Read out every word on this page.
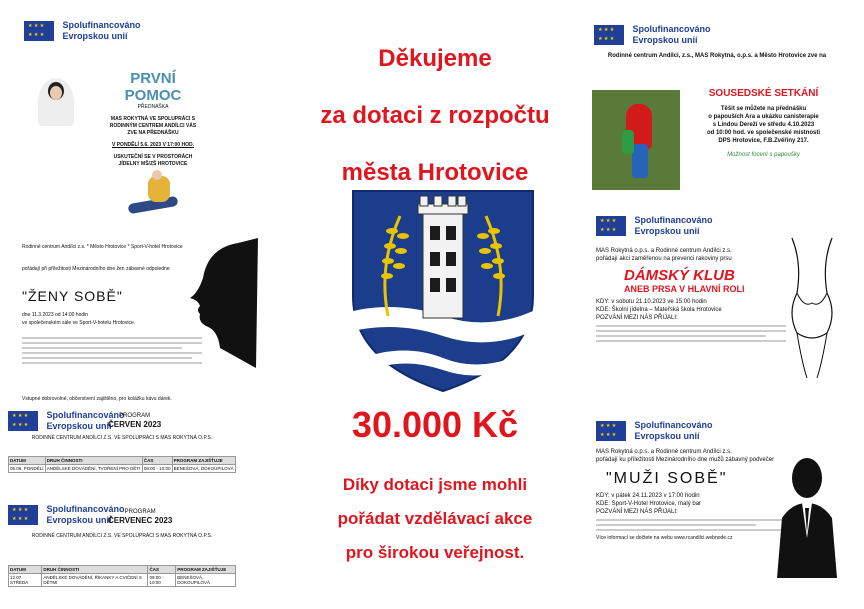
Děkujeme
za dotaci z rozpočtu
města Hrotovice
30.000 Kč
Díky dotaci jsme mohli
pořádat vzdělávací akce
pro širokou veřejnost.
★ ★ ★ ★ ★ ★ Spolufinancováno
Evropskou unií
PRVNÍ
POMOC
PŘEDNÁŠKA
MAS ROKYTNÁ VE SPOLUPRÁCI S RODINNÝM CENTREM ANDÍLCI VÁS ZVE NA PŘEDNÁŠKU
V PONDĚLÍ 5.6. 2023 V 17:00 HOD.
USKUTEČNÍ SE V PROSTORÁCH JÍDELNY MŠ/ZŠ HROTOVICE
★ ★ ★ ★ ★ ★ Spolufinancováno
Evropskou unií
Rodinné centrum Andílci, z.s., MAS Rokytná, o.p.s. a Město Hrotovice zve na
SOUSEDSKÉ SETKÁNÍ
Těšit se můžete na přednášku
o papouších Ara a ukázku canisterapie
s Lindou Dereží ve středu 4.10.2023
od 10:00 hod. ve společenské místnosti
DPS Hrotovice, F.B.Zvěřiny 217.
Možnost focení s papoušky
Rodinné centrum Andílci z.s. * Město Hrotovice * Sport-V-hotel Hrotovice
pořádají při příležitosti Mezinárodního dne žen zábavné odpoledne
"ŽENY SOBĚ"
dne 11.3.2023 od 14:00 hodin
ve společenském sále ve Sport-V-hotelu Hrotovice.
Vstupné dobrovolné, občerstvení zajištěno, pro kolážku kávu dárek.
★ ★ ★ ★ ★ ★ Spolufinancováno
Evropskou unií
MAS Rokytná o.p.s. a Rodinné centrum Andílci z.s.
pořádají akci zaměřenou na prevenci rakoviny prsu
DÁMSKÝ KLUB
ANEB PRSA V HLAVNÍ ROLI
KDY: v sobotu 21.10.2023 ve 15:00 hodin
KDE: Školní jídelna – Mateřská škola Hrotovice
POZVÁNÍ MEZI NÁS PŘIJALI:
★ ★ ★ ★ ★ ★ Spolufinancováno
Evropskou unií
PROGRAM
ČERVEN 2023
RODINNÉ CENTRUM ANDÍLCI Z.S. VE SPOLUPRÁCI S MAS ROKYTNÁ O.P.S.
DATUM	DRUH ČINNOSTI	ČAS	PROGRAM ZAJIŠŤUJE
05.06. PONDĚLÍ	ANDĚLSKÉ DOVÁDĚNÍ, TVOŘENÍ PRO DĚTI	08:00 - 10:00	BENEŠOVÁ, DOKOUPILOVÁ
★ ★ ★ ★ ★ ★ Spolufinancováno
Evropskou unií
PROGRAM
ČERVENEC 2023
RODINNÉ CENTRUM ANDÍLCI Z.S. VE SPOLUPRÁCI S MAS ROKYTNÁ O.P.S.
DATUM	DRUH ČINNOSTI	ČAS	PROGRAM ZAJIŠŤUJE
12.07. STŘEDA	ANDĚLSKÉ DOVÁDĚNÍ, ŘÍKANKY A CVIČENÍ S DĚTMI	08:00 - 10:00	BENEŠOVÁ, DOKOUPILOVÁ
★ ★ ★ ★ ★ ★ Spolufinancováno
Evropskou unií
MAS Rokytná o.p.s. a Rodinné centrum Andílci z.s.
pořádají ku příležitosti Mezinárodního dne mužů zábavný podvečer
"MUŽI SOBĚ"
KDY: v pátek 24.11.2023 v 17:00 hodin
KDE: Sport-V-Hotel Hrotovice, malý bar
POZVÁNÍ MEZI NÁS PŘIJALI:
Více informací se dočtete na webu www.rcandilci.webnode.cz
